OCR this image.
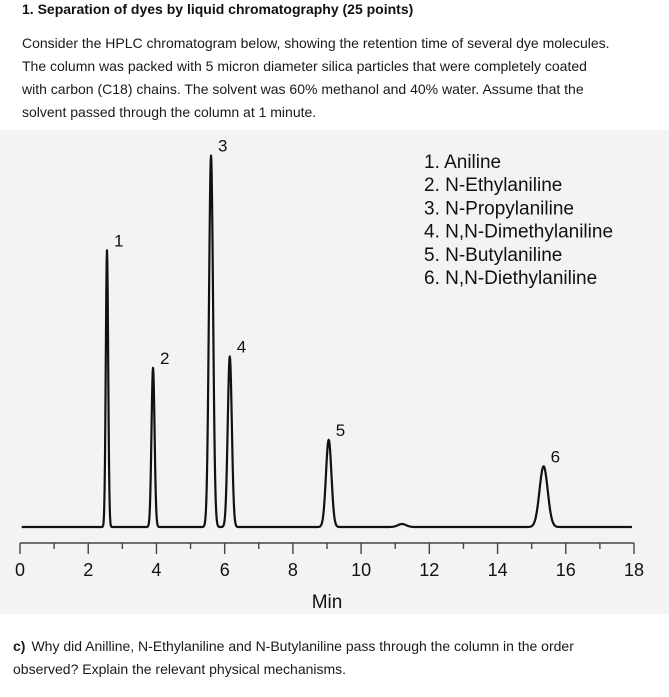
1. Separation of dyes by liquid chromatography (25 points)

Consider the HPLC chromatogram below, showing the retention time of several dye molecules.

The column was packed with 5 micron diameter silica particles that were completely coated

with carbon (C18) chains. The solvent was 60% methanol and 40% water. Assume that the

solvent passed through the column at 1 minute.

1
2
3
4
5
6
0	2	4	6	8	10	12	14	16	18
Min
1. Aniline
2. N-Ethylaniline
3. N-Propylaniline
4. N,N-Dimethylaniline
5. N-Butylaniline
6. N,N-Diethylaniline
c) Why did Anilline, N-Ethylaniline and N-Butylaniline pass through the column in the order
observed? Explain the relevant physical mechanisms.
